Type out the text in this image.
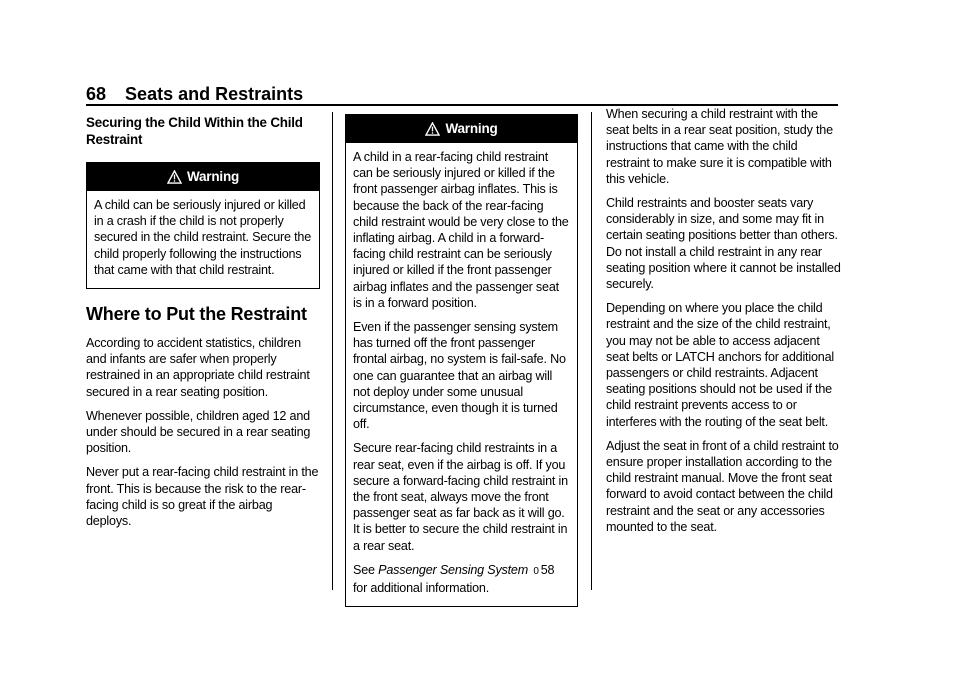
68 Seats and Restraints
Securing the Child Within the Child Restraint
Warning

A child can be seriously injured or killed in a crash if the child is not properly secured in the child restraint. Secure the child properly following the instructions that came with that child restraint.

Where to Put the Restraint

According to accident statistics, children and infants are safer when properly restrained in an appropriate child restraint secured in a rear seating position.

Whenever possible, children aged 12 and under should be secured in a rear seating position.

Never put a rear-facing child restraint in the front. This is because the risk to the rear-facing child is so great if the airbag deploys.

Warning

A child in a rear-facing child restraint can be seriously injured or killed if the front passenger airbag inflates. This is because the back of the rear-facing child restraint would be very close to the inflating airbag. A child in a forward-facing child restraint can be seriously injured or killed if the front passenger airbag inflates and the passenger seat is in a forward position.

Even if the passenger sensing system has turned off the front passenger frontal airbag, no system is fail-safe. No one can guarantee that an airbag will not deploy under some unusual circumstance, even though it is turned off.

Secure rear-facing child restraints in a rear seat, even if the airbag is off. If you secure a forward-facing child restraint in the front seat, always move the front passenger seat as far back as it will go. It is better to secure the child restraint in a rear seat.

See Passenger Sensing System 0 58 for additional information.

When securing a child restraint with the seat belts in a rear seat position, study the instructions that came with the child restraint to make sure it is compatible with this vehicle.

Child restraints and booster seats vary considerably in size, and some may fit in certain seating positions better than others. Do not install a child restraint in any rear seating position where it cannot be installed securely.

Depending on where you place the child restraint and the size of the child restraint, you may not be able to access adjacent seat belts or LATCH anchors for additional passengers or child restraints. Adjacent seating positions should not be used if the child restraint prevents access to or interferes with the routing of the seat belt.

Adjust the seat in front of a child restraint to ensure proper installation according to the child restraint manual. Move the front seat forward to avoid contact between the child restraint and the seat or any accessories mounted to the seat.
